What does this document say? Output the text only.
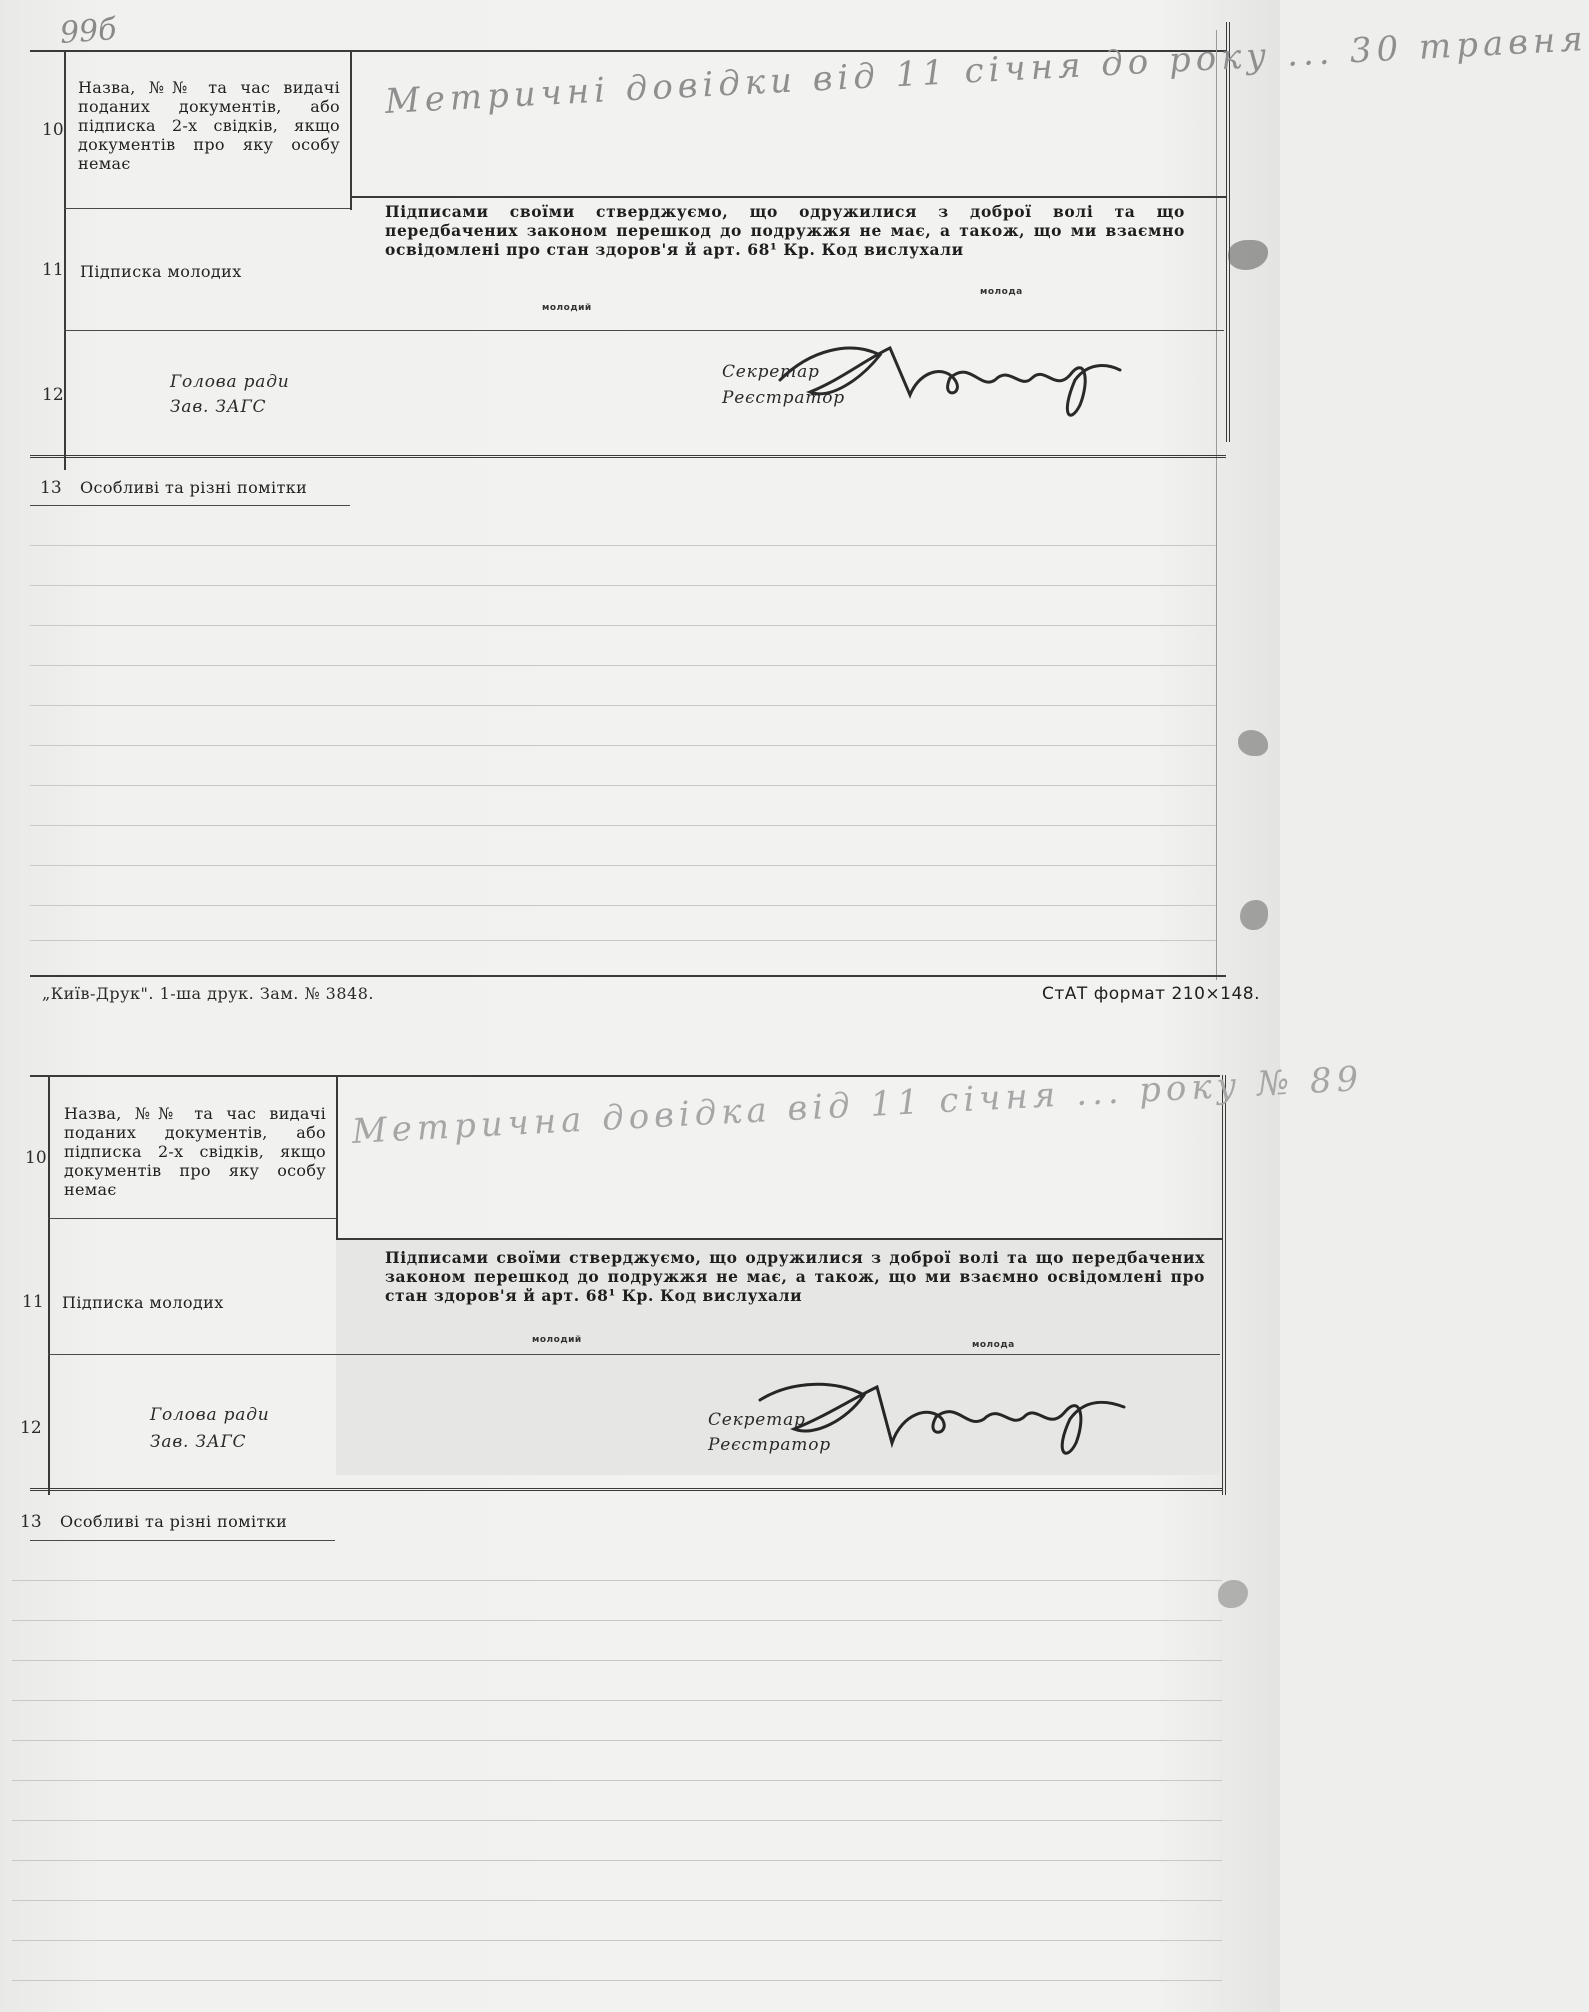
99б
10
Назва, №№ та час видачі поданих документів, або підписка 2-х свідків, якщо документів про яку особу немає
Метричні довідки від 11 січня до року ... 30 травня
11 Підписка молодих
Підписами своїми стверджуємо, що одружилися з доброї волі та що передбачених законом перешкод до подружжя не має, а також, що ми взаємно освідомлені про стан здоров'я й арт. 68¹ Кр. Код вислухали
молодий
молода
12
Голова ради
Зав. ЗАГС
Секретар
Реєстратор
13 Особливі та різні помітки
„Київ-Друк". 1-ша друк. Зам. № 3848.	СтАТ формат 210×148.
10
Назва, №№ та час видачі поданих документів, або підписка 2-х свідків, якщо документів про яку особу немає
Метрична довідка від 11 січня ... року № 89
11 Підписка молодих
Підписами своїми стверджуємо, що одружилися з доброї волі та що передбачених законом перешкод до подружжя не має, а також, що ми взаємно освідомлені про стан здоров'я й арт. 68¹ Кр. Код вислухали
молодий	молода
12
Голова ради
Зав. ЗАГС
Секретар
Реєстратор
13 Особливі та різні помітки
